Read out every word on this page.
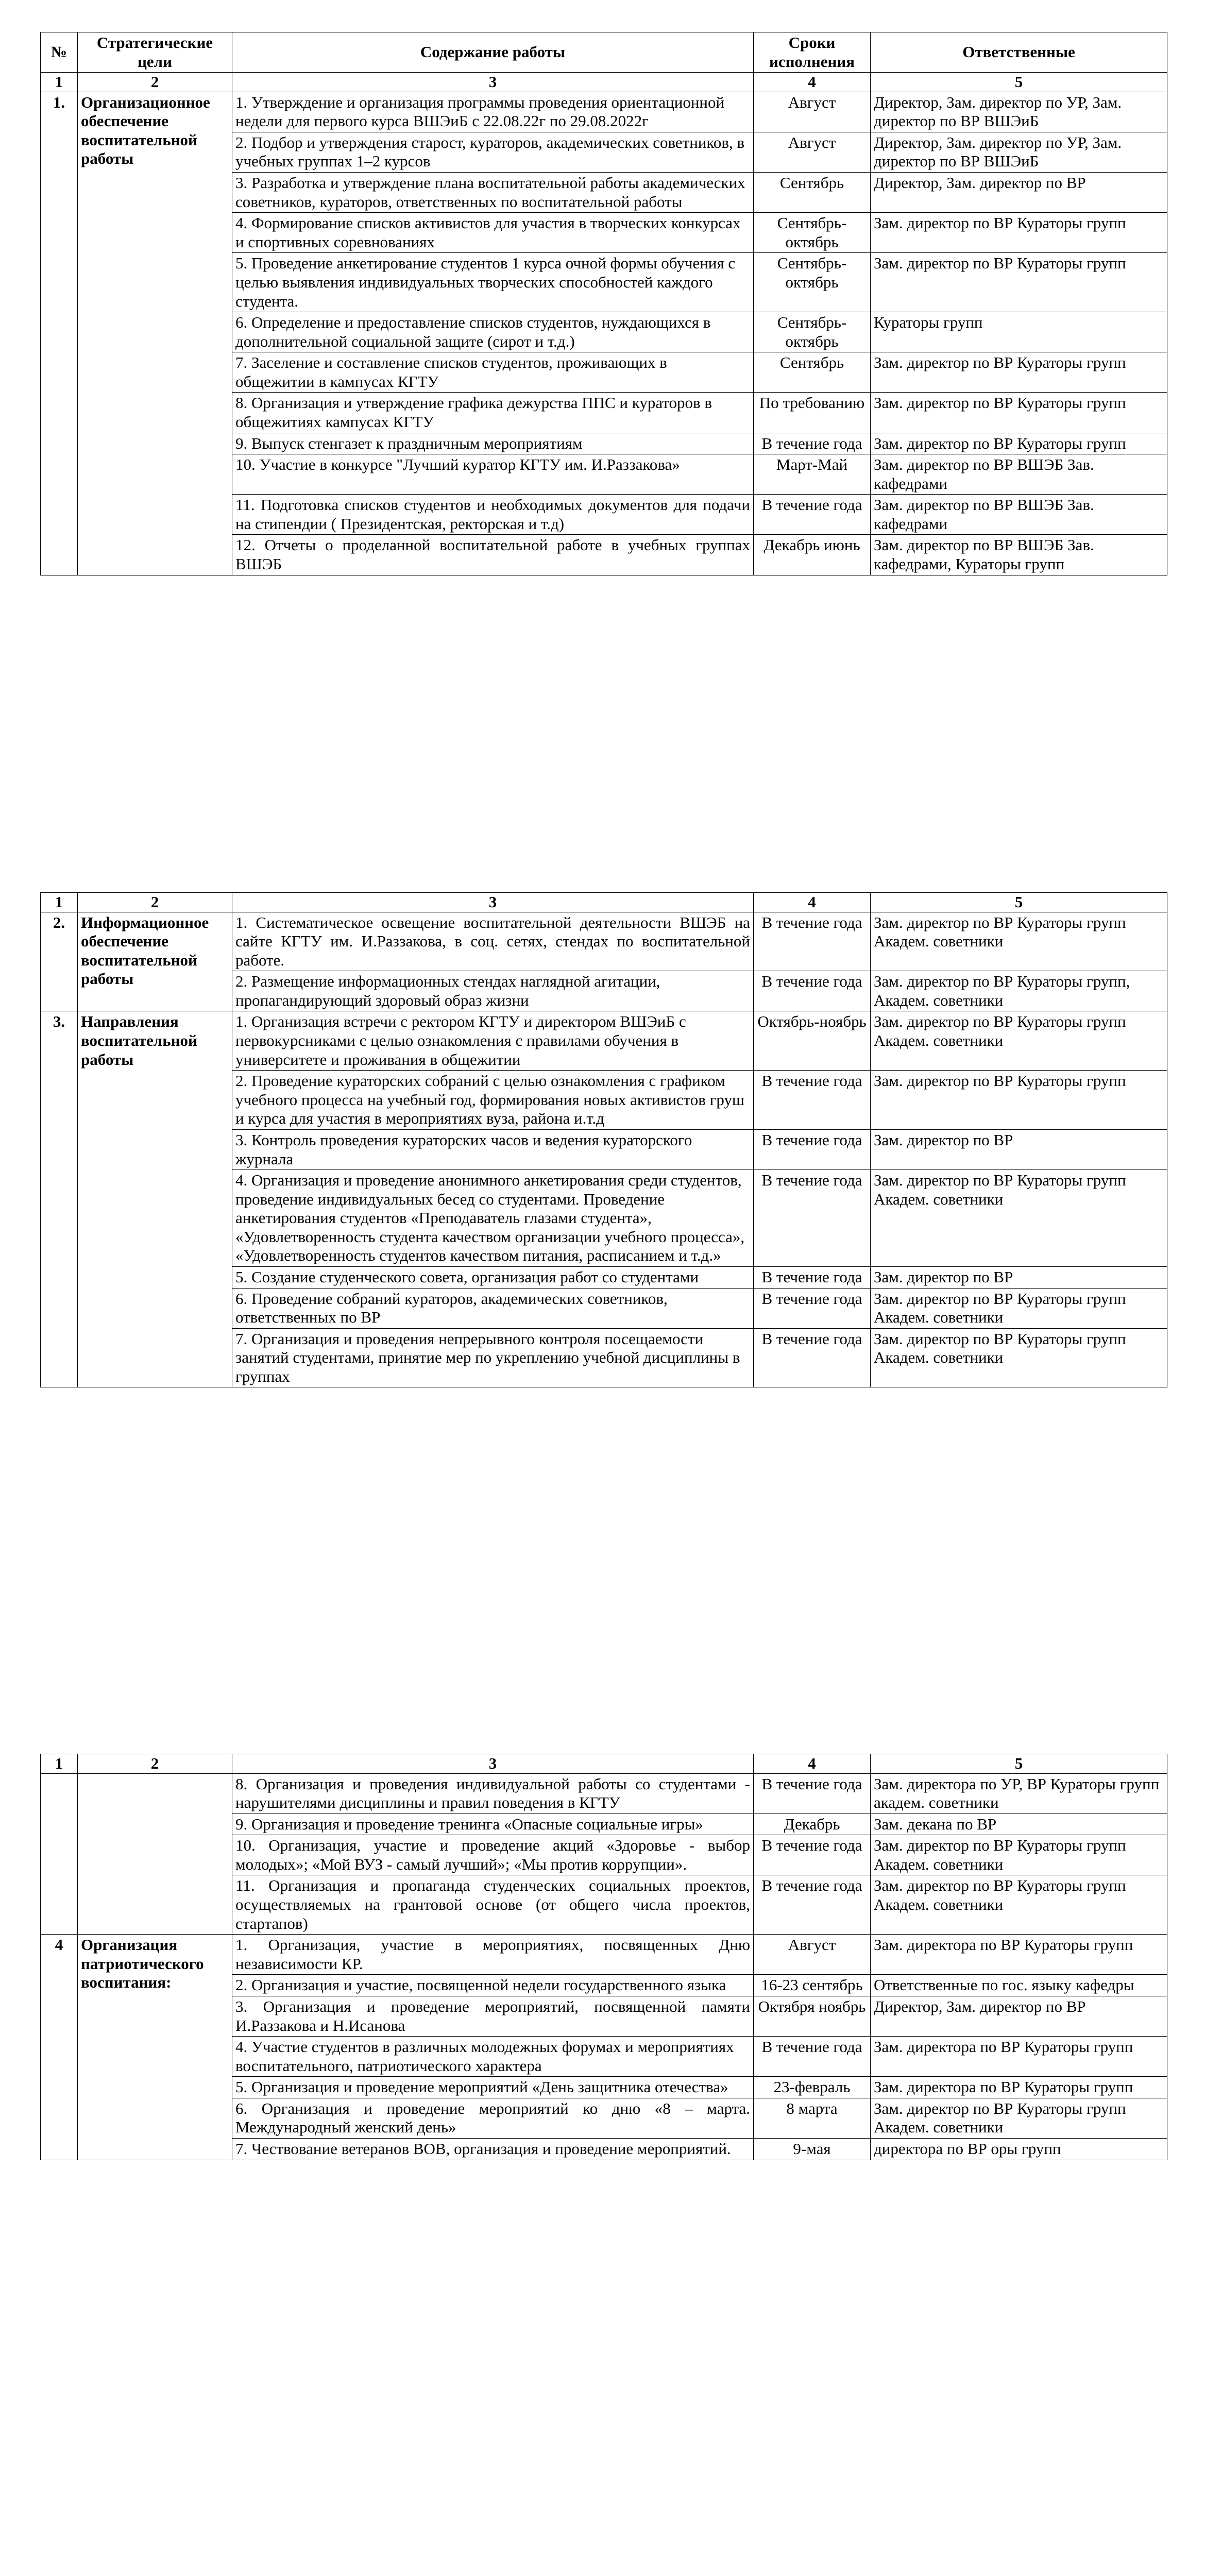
№	Стратегические цели	Содержание работы	Сроки исполнения	Ответственные
1	2	3	4	5
1.	Организационное обеспечение воспитательной работы	1. Утверждение и организация программы проведения ориентационной недели для первого курса ВШЭиБ с 22.08.22г по 29.08.2022г	Август	Директор, Зам. директор по УР, Зам. директор по ВР ВШЭиБ
		2. Подбор и утверждения старост, кураторов, академических советников, в учебных группах 1–2 курсов	Август	Директор, Зам. директор по УР, Зам. директор по ВР ВШЭиБ
		3. Разработка и утверждение плана воспитательной работы академических советников, кураторов, ответственных по воспитательной работы	Сентябрь	Директор, Зам. директор по ВР
		4. Формирование списков активистов для участия в творческих конкурсах и спортивных соревнованиях	Сентябрь-октябрь	Зам. директор по ВР Кураторы групп
		5. Проведение анкетирование студентов 1 курса очной формы обучения с целью выявления индивидуальных творческих способностей каждого студента.	Сентябрь-октябрь	Зам. директор по ВР Кураторы групп
		6. Определение и предоставление списков студентов, нуждающихся в дополнительной социальной защите (сирот и т.д.)	Сентябрь-октябрь	Кураторы групп
		7. Заселение и составление списков студентов, проживающих в общежитии в кампусах КГТУ	Сентябрь	Зам. директор по ВР Кураторы групп
		8. Организация и утверждение графика дежурства ППС и кураторов в общежитиях кампусах КГТУ	По требованию	Зам. директор по ВР Кураторы групп
		9. Выпуск стенгазет к праздничным мероприятиям	В течение года	Зам. директор по ВР Кураторы групп
		10. Участие в конкурсе "Лучший куратор КГТУ им. И.Раззакова»	Март-Май	Зам. директор по ВР ВШЭБ Зав. кафедрами
		11. Подготовка списков студентов и необходимых документов для подачи на стипендии ( Президентская, ректорская и т.д)	В течение года	Зам. директор по ВР ВШЭБ Зав. кафедрами
		12. Отчеты о проделанной воспитательной работе в учебных группах ВШЭБ	Декабрь июнь	Зам. директор по ВР ВШЭБ Зав. кафедрами, Кураторы групп
1	2	3	4	5
2.	Информационное обеспечение воспитательной работы	1. Систематическое освещение воспитательной деятельности ВШЭБ на сайте КГТУ им. И.Раззакова, в соц. сетях, стендах по воспитательной работе.	В течение года	Зам. директор по ВР Кураторы групп Академ. советники
		2. Размещение информационных стендах наглядной агитации, пропагандирующий здоровый образ жизни	В течение года	Зам. директор по ВР Кураторы групп, Академ. советники
3.	Направления воспитательной работы	1. Организация встречи с ректором КГТУ и директором ВШЭиБ с первокурсниками с целью ознакомления с правилами обучения в университете и проживания в общежитии	Октябрь-ноябрь	Зам. директор по ВР Кураторы групп Академ. советники
		2. Проведение кураторских собраний с целью ознакомления с графиком учебного процесса на учебный год, формирования новых активистов груш и курса для участия в мероприятиях вуза, района и.т.д	В течение года	Зам. директор по ВР Кураторы групп
		3. Контроль проведения кураторских часов и ведения кураторского журнала	В течение года	Зам. директор по ВР
		4. Организация и проведение анонимного анкетирования среди студентов, проведение индивидуальных бесед со студентами. Проведение анкетирования студентов «Преподаватель глазами студента», «Удовлетворенность студента качеством организации учебного процесса», «Удовлетворенность студентов качеством питания, расписанием и т.д.»	В течение года	Зам. директор по ВР Кураторы групп Академ. советники
		5. Создание студенческого совета, организация работ со студентами	В течение года	Зам. директор по ВР
		6. Проведение собраний кураторов, академических советников, ответственных по ВР	В течение года	Зам. директор по ВР Кураторы групп Академ. советники
		7. Организация и проведения непрерывного контроля посещаемости занятий студентами, принятие мер по укреплению учебной дисциплины в группах	В течение года	Зам. директор по ВР Кураторы групп Академ. советники
1	2	3	4	5
		8. Организация и проведения индивидуальной работы со студентами - нарушителями дисциплины и правил поведения в КГТУ	В течение года	Зам. директора по УР, ВР Кураторы групп академ. советники
		9. Организация и проведение тренинга «Опасные социальные игры»	Декабрь	Зам. декана по ВР
		10. Организация, участие и проведение акций «Здоровье - выбор молодых»; «Мой ВУЗ - самый лучший»; «Мы против коррупции».	В течение года	Зам. директор по ВР Кураторы групп Академ. советники
		11. Организация и пропаганда студенческих социальных проектов, осуществляемых на грантовой основе (от общего числа проектов, стартапов)	В течение года	Зам. директор по ВР Кураторы групп Академ. советники
4	Организация патриотического воспитания:	1. Организация, участие в мероприятиях, посвященных Дню независимости КР.	Август	Зам. директора по ВР Кураторы групп
		2. Организация и участие, посвященной недели государственного языка	16-23 сентябрь	Ответственные по гос. языку кафедры
		3. Организация и проведение мероприятий, посвященной памяти И.Раззакова и Н.Исанова	Октября ноябрь	Директор, Зам. директор по ВР
		4. Участие студентов в различных молодежных форумах и мероприятиях воспитательного, патриотического характера	В течение года	Зам. директора по ВР Кураторы групп
		5. Организация и проведение мероприятий «День защитника отечества»	23-февраль	Зам. директора по ВР Кураторы групп
		6. Организация и проведение мероприятий ко дню «8 – марта. Международный женский день»	8 марта	Зам. директор по ВР Кураторы групп Академ. советники
		7. Чествование ветеранов ВОВ, организация и проведение мероприятий.	9-мая	директора по ВР оры групп
